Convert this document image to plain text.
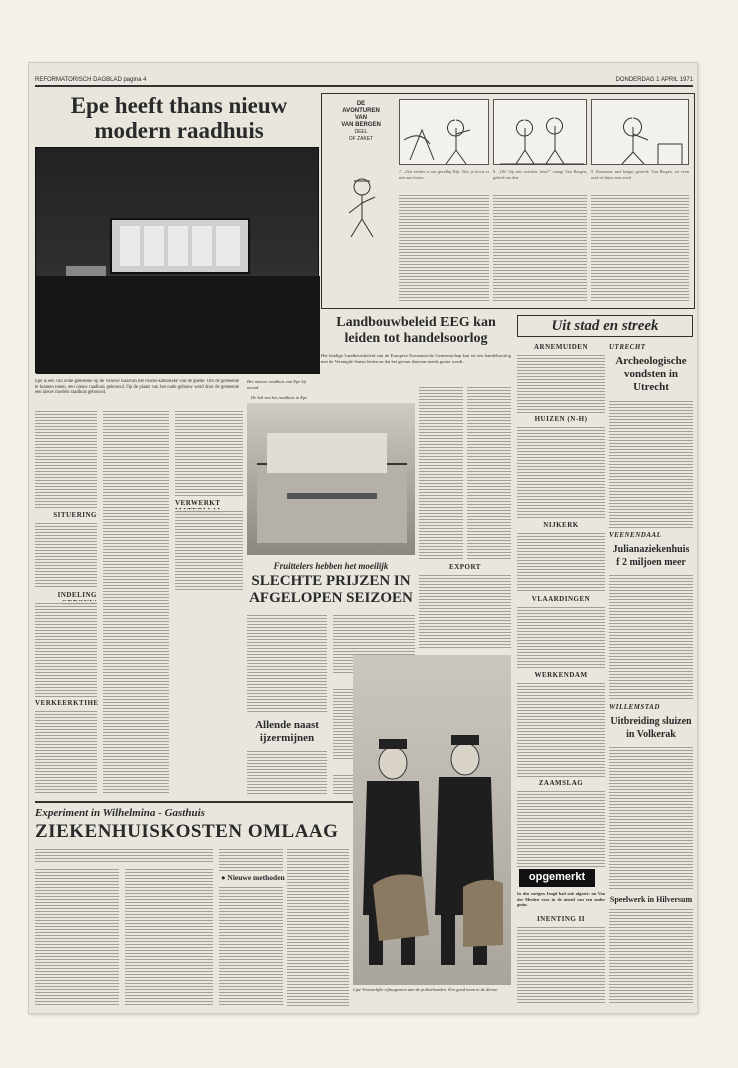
REFORMATORISCH DAGBLAD pagina 4	DONDERDAG 1 APRIL 1971
Epe heeft thans nieuw
modern raadhuis
Epe is een van onde gemeente op de Veluwe waarvan het rooms-katholieke van de goede. Om de gemeente te kunnen tonen, een nieuw raadhuis gebouwd. Op de plaats van het oude gebouw werd door de gemeente een nieuw modern raadhuis gebouwd.
SITUERING
INDELING
VERKEERKTIHE
VERWERKT
Het nieuwe raadhuis van Epe bij avond.
De hal van het raadhuis in Epe
DE
AVONTUREN
VAN
VAN BERGEN
DEEL
OF ZAKET
7. „Ziet eender is ons gezellig Bijt. Nee, je hoort er niet aan horen.
8. „Oh! Op een wrieden, bent!" vraagt Van Bergen, gebied om den.
9. Kommen, met longer getreed: Van Bergen, tot even raad en bijen eens rond.
Landbouwbeleid EEG kan
leiden tot handelsoorlog
Het huidige Landbouwbeleid van de Europese Economische Gemeenschap kan tot een handelsoorlog met de Verenigde Staten leiden en dat het gevaar daarvan steeds groter wordt.
EXPORT
Fruittelers hebben het moeilijk
SLECHTE PRIJZEN IN
AFGELOPEN SEIZOEN
Allende naast
ijzermijnen
Experiment in Wilhelmina - Gasthuis
ZIEKENHUISKOSTEN OMLAAG
● Nieuwe methoden
Lipe Vrouwelijke rijksagenten aan de politiehonden. Een goed team in de dienst.
Uit stad en streek
ARNEMUIDEN
HUIZEN (N-H)
NIJKERK
VLAARDINGEN
WERKENDAM
ZAAMSLAG
opgemerkt
In den vorigen Jeugd had ook afgezet: nu Van der Meulen voor in de uitstel van een ander gezin.
INENTING II
UTRECHT
Archeologische
vondsten in
Utrecht
VEENENDAAL
Julianaziekenhuis
f 2 miljoen meer
WILLEMSTAD
Uitbreiding sluizen
in Volkerak
Speelwerk in Hilversum
